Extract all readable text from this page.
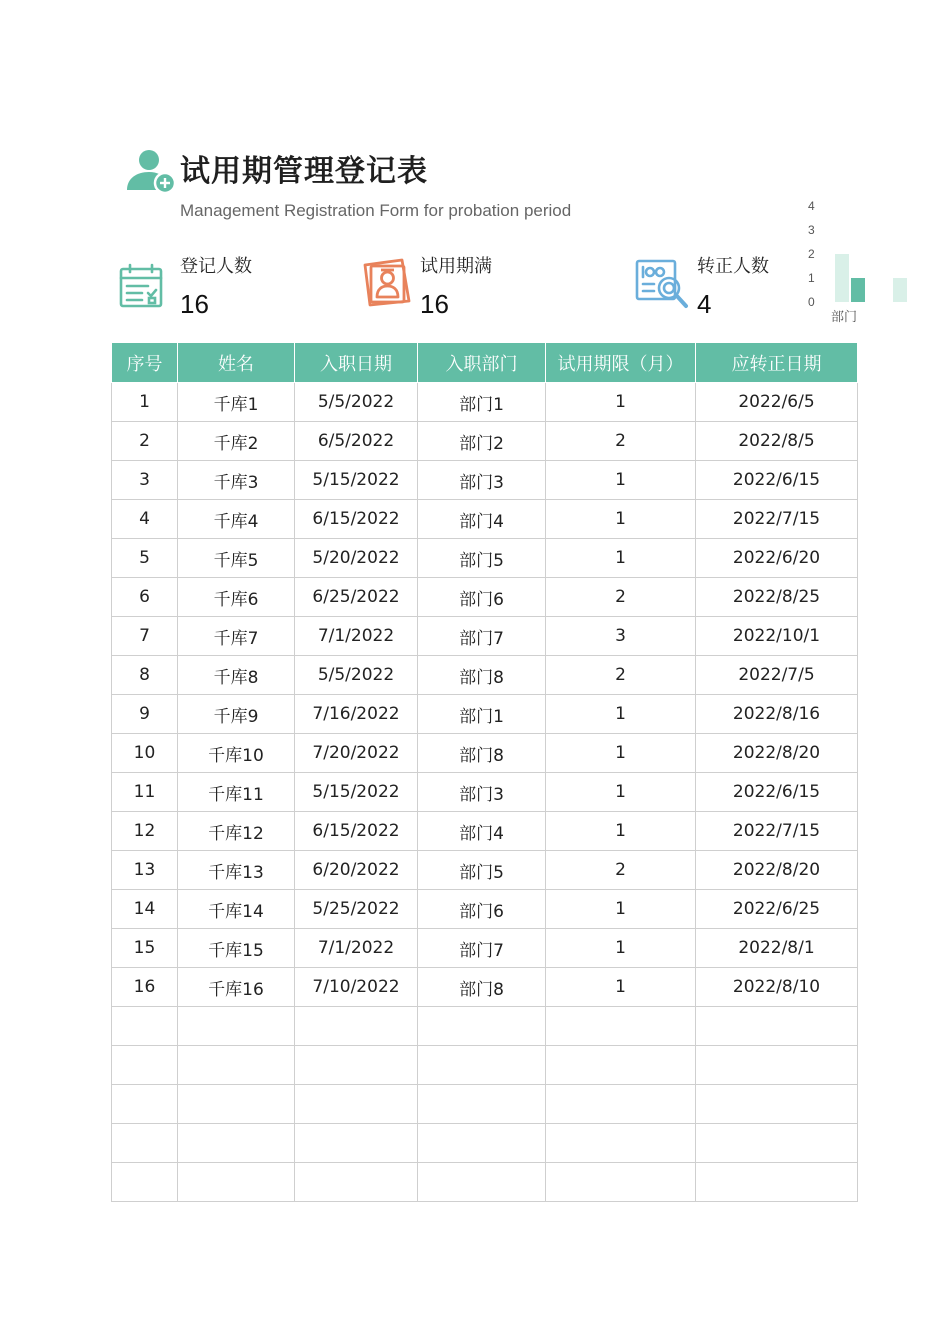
试用期管理登记表
Management Registration Form for probation period
登记人数
16
试用期满
16
转正人数
4
4
3
2
1
0
部门
序号	姓名	入职日期	入职部门	试用期限（月）	应转正日期
1	千库1	5/5/2022	部门1	1	2022/6/5
2	千库2	6/5/2022	部门2	2	2022/8/5
3	千库3	5/15/2022	部门3	1	2022/6/15
4	千库4	6/15/2022	部门4	1	2022/7/15
5	千库5	5/20/2022	部门5	1	2022/6/20
6	千库6	6/25/2022	部门6	2	2022/8/25
7	千库7	7/1/2022	部门7	3	2022/10/1
8	千库8	5/5/2022	部门8	2	2022/7/5
9	千库9	7/16/2022	部门1	1	2022/8/16
10	千库10	7/20/2022	部门8	1	2022/8/20
11	千库11	5/15/2022	部门3	1	2022/6/15
12	千库12	6/15/2022	部门4	1	2022/7/15
13	千库13	6/20/2022	部门5	2	2022/8/20
14	千库14	5/25/2022	部门6	1	2022/6/25
15	千库15	7/1/2022	部门7	1	2022/8/1
16	千库16	7/10/2022	部门8	1	2022/8/10
